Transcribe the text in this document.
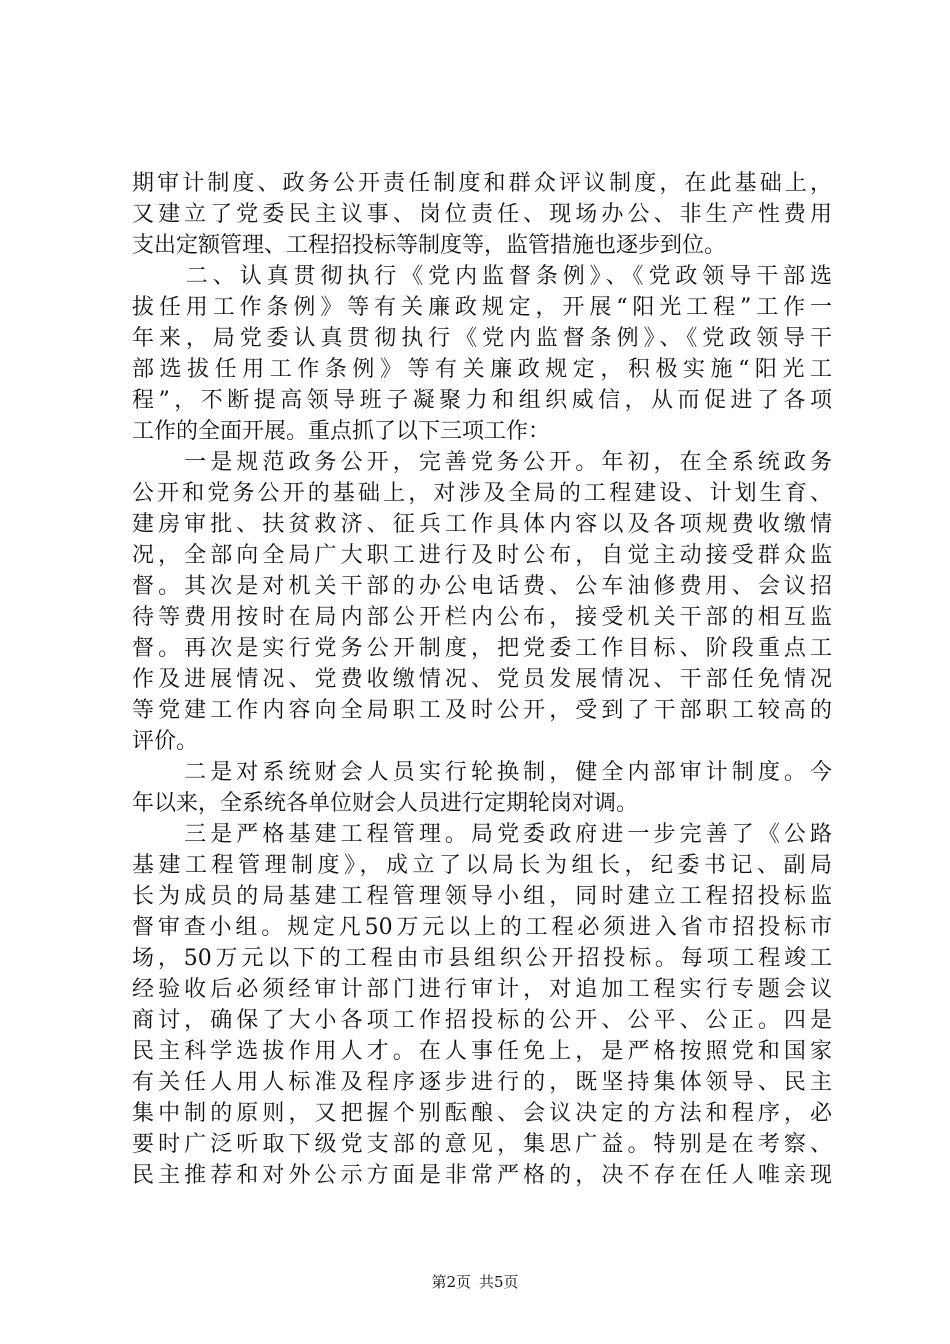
期审计制度、政务公开责任制度和群众评议制度，在此基础上，
又建立了党委民主议事、岗位责任、现场办公、非生产性费用
支出定额管理、工程招投标等制度等，监管措施也逐步到位。
　　二、认真贯彻执行《党内监督条例》、《党政领导干部选
拔任用工作条例》等有关廉政规定，开展“阳光工程”工作一
年来，局党委认真贯彻执行《党内监督条例》、《党政领导干
部选拔任用工作条例》等有关廉政规定，积极实施“阳光工
程”，不断提高领导班子凝聚力和组织威信，从而促进了各项
工作的全面开展。重点抓了以下三项工作：
　　一是规范政务公开，完善党务公开。年初，在全系统政务
公开和党务公开的基础上，对涉及全局的工程建设、计划生育、
建房审批、扶贫救济、征兵工作具体内容以及各项规费收缴情
况，全部向全局广大职工进行及时公布，自觉主动接受群众监
督。其次是对机关干部的办公电话费、公车油修费用、会议招
待等费用按时在局内部公开栏内公布，接受机关干部的相互监
督。再次是实行党务公开制度，把党委工作目标、阶段重点工
作及进展情况、党费收缴情况、党员发展情况、干部任免情况
等党建工作内容向全局职工及时公开，受到了干部职工较高的
评价。
　　二是对系统财会人员实行轮换制，健全内部审计制度。今
年以来，全系统各单位财会人员进行定期轮岗对调。
　　三是严格基建工程管理。局党委政府进一步完善了《公路
基建工程管理制度》，成立了以局长为组长，纪委书记、副局
长为成员的局基建工程管理领导小组，同时建立工程招投标监
督审查小组。规定凡50万元以上的工程必须进入省市招投标市
场，50万元以下的工程由市县组织公开招投标。每项工程竣工
经验收后必须经审计部门进行审计，对追加工程实行专题会议
商讨，确保了大小各项工作招投标的公开、公平、公正。四是
民主科学选拔作用人才。在人事任免上，是严格按照党和国家
有关任人用人标准及程序逐步进行的，既坚持集体领导、民主
集中制的原则，又把握个别酝酿、会议决定的方法和程序，必
要时广泛听取下级党支部的意见，集思广益。特别是在考察、
民主推荐和对外公示方面是非常严格的，决不存在任人唯亲现
第2页 共5页
